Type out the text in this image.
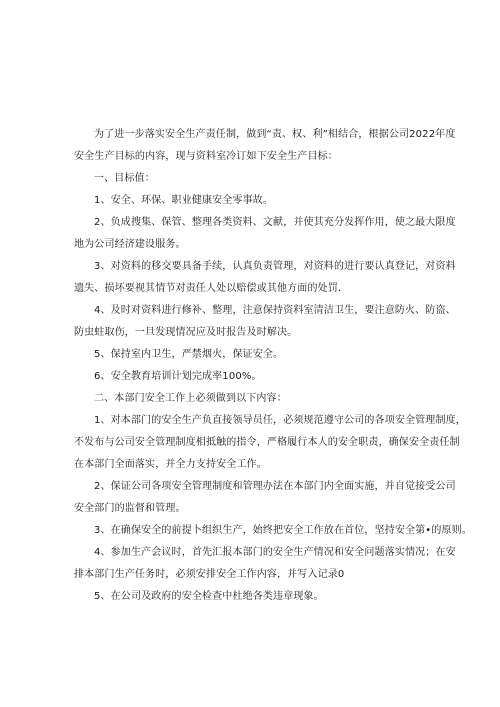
为了进一步落实安全生产责任制，做到“责、权、利”相结合，根据公司2022年度
安全生产目标的内容，现与资料室冷订如下安全生产目标：
一、目标值：
1、安全、环保、职业健康安全零事故。
2、负成搜集、保管、整理各类资料、文献，并使其充分发挥作用，使之最大限度
地为公司经济建设服务。
3、对资料的移交要具备手续，认真负责管理，对资料的进行要认真登记，对资料
遗失、损坏要视其情节对责任人处以赔偿或其他方面的处罚.
4、及时对资料进行修补、整理，注意保持资料室清洁卫生，要注意防火、防盗、
防虫蛀取伤，一旦发现情况应及时报告及时解决。
5、保持室内卫生，严禁烟火，保证安全。
6、安全教育培训计划完成率100%。
二、本部门安全工作上必须做到以下内容：
1、对本部门的安全生产负直接领导员任，必须规范遵守公司的各项安全管理制度，
不发布与公司安全管理制度相抵触的指令，严格履行本人的安全职责，确保安全责任制
在本部门全面落实，并全力支持安全工作。
2、保证公司各项安全管理制度和管理办法在本部门内全面实施，并自觉接受公司
安全部门的监督和管理。
3、在确保安全的前提卜组织生产，始终把安全工作放在首位，坚持安全第•的原则。
4、参加生产会议时，首先汇报本部门的安全生产情况和安全问题落实情况；在安
排本部门生产任务时，必须安排安全工作内容，并写入记录0
5、在公司及政府的安全检查中杜绝各类违章现象。
